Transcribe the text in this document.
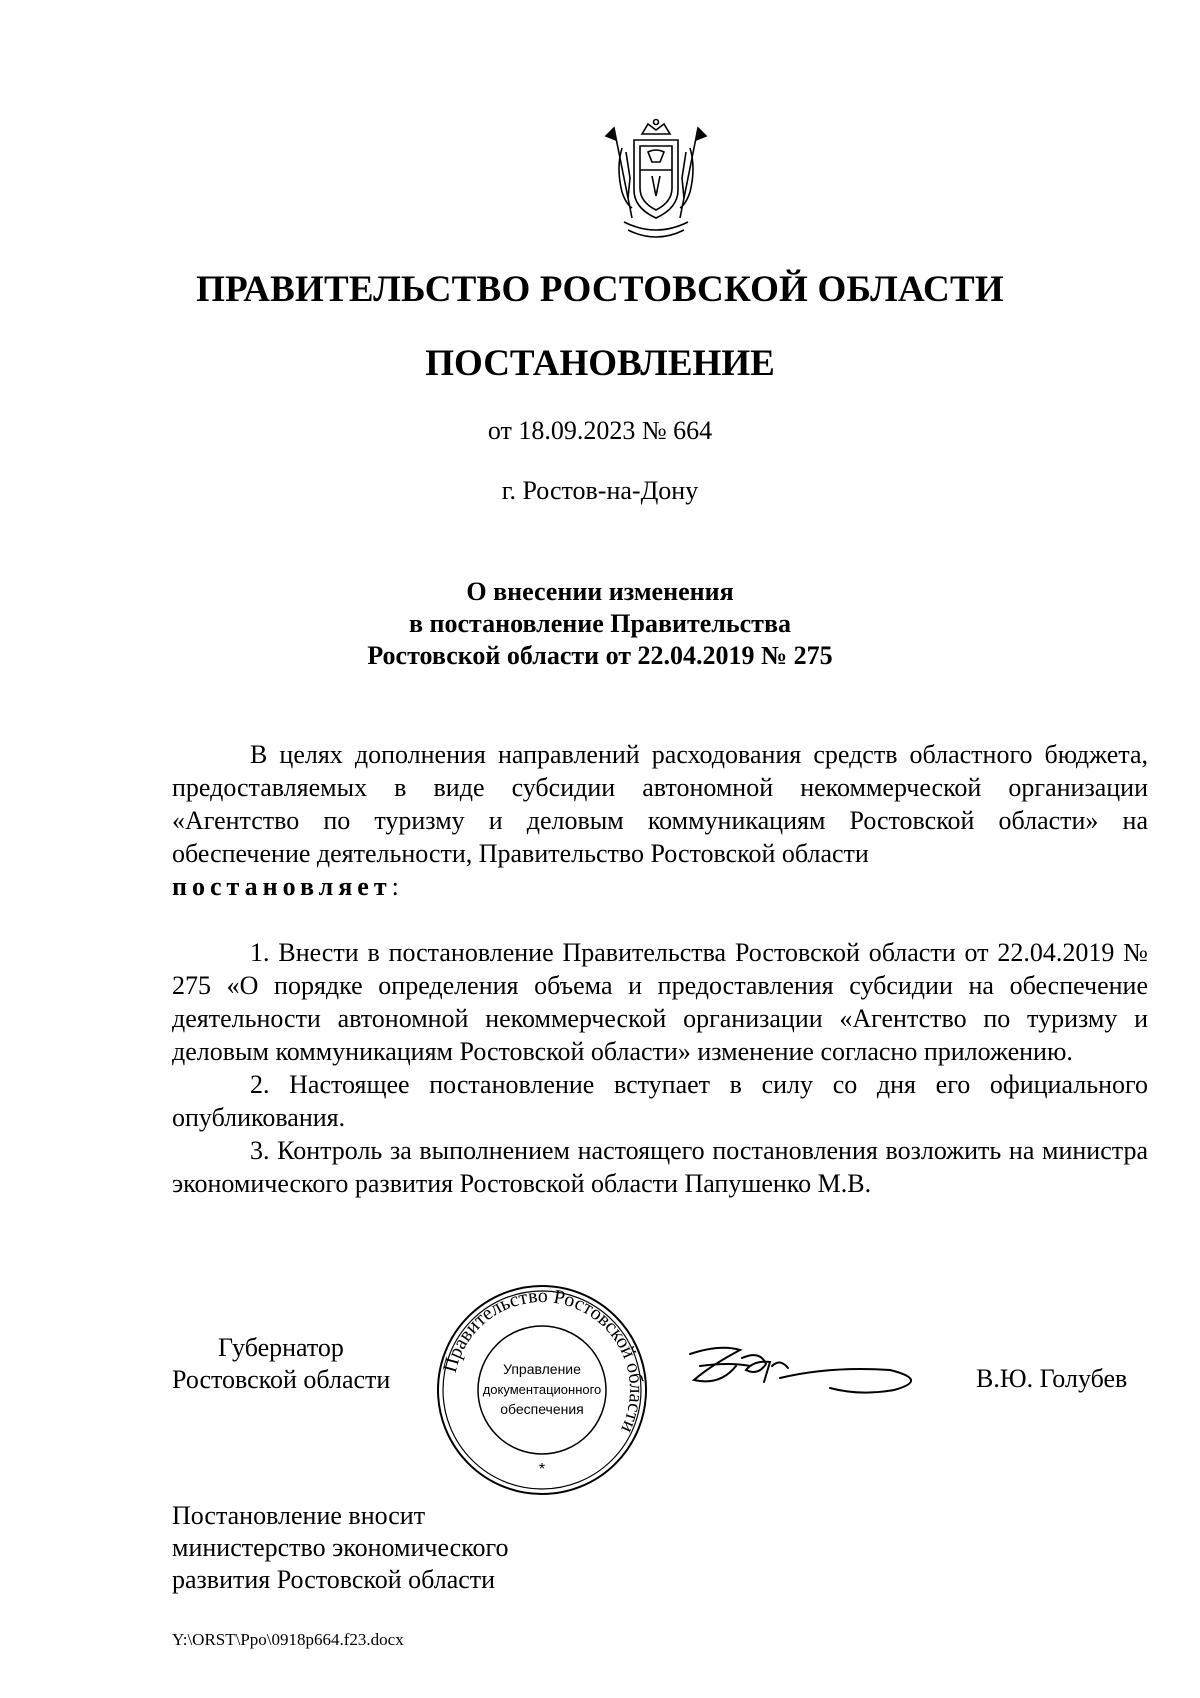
ПРАВИТЕЛЬСТВО РОСТОВСКОЙ ОБЛАСТИ
ПОСТАНОВЛЕНИЕ
от 18.09.2023 № 664
г. Ростов-на-Дону
О внесении изменения
в постановление Правительства
Ростовской области от 22.04.2019 № 275

В целях дополнения направлений расходования средств областного бюджета, предоставляемых в виде субсидии автономной некоммерческой организации «Агентство по туризму и деловым коммуникациям Ростовской области» на обеспечение деятельности, Правительство Ростовской области
постановляет:

1. Внести в постановление Правительства Ростовской области от 22.04.2019 № 275 «О порядке определения объема и предоставления субсидии на обеспечение деятельности автономной некоммерческой организации «Агентство по туризму и деловым коммуникациям Ростовской области» изменение согласно приложению.

2. Настоящее постановление вступает в силу со дня его официального опубликования.

3. Контроль за выполнением настоящего постановления возложить на министра экономического развития Ростовской области Папушенко М.В.

Губернатор
Ростовской области
Правительство Ростовской области
Управление
документационного
обеспечения
*
В.Ю. Голубев
Постановление вносит
министерство экономического
развития Ростовской области
Y:\ORST\Ppo\0918p664.f23.docx
